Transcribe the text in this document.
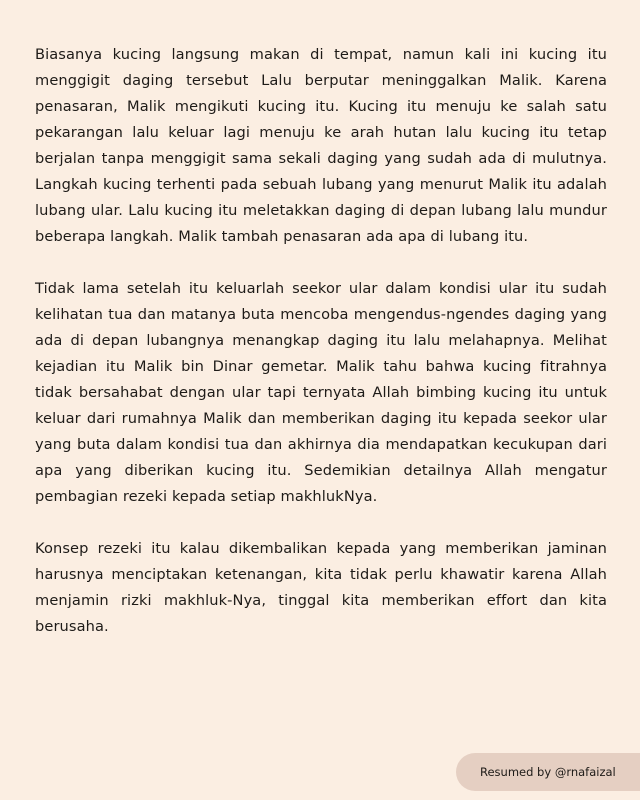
Biasanya kucing langsung makan di tempat, namun kali ini kucing itu menggigit daging tersebut Lalu berputar meninggalkan Malik. Karena penasaran, Malik mengikuti kucing itu. Kucing itu menuju ke salah satu pekarangan lalu keluar lagi menuju ke arah hutan lalu kucing itu tetap berjalan tanpa menggigit sama sekali daging yang sudah ada di mulutnya. Langkah kucing terhenti pada sebuah lubang yang menurut Malik itu adalah lubang ular. Lalu kucing itu meletakkan daging di depan lubang lalu mundur beberapa langkah. Malik tambah penasaran ada apa di lubang itu.

Tidak lama setelah itu keluarlah seekor ular dalam kondisi ular itu sudah kelihatan tua dan matanya buta mencoba mengendus-ngendes daging yang ada di depan lubangnya menangkap daging itu lalu melahapnya. Melihat kejadian itu Malik bin Dinar gemetar. Malik tahu bahwa kucing fitrahnya tidak bersahabat dengan ular tapi ternyata Allah bimbing kucing itu untuk keluar dari rumahnya Malik dan memberikan daging itu kepada seekor ular yang buta dalam kondisi tua dan akhirnya dia mendapatkan kecukupan dari apa yang diberikan kucing itu. Sedemikian detailnya Allah mengatur pembagian rezeki kepada setiap makhlukNya.

Konsep rezeki itu kalau dikembalikan kepada yang memberikan jaminan harusnya menciptakan ketenangan, kita tidak perlu khawatir karena Allah menjamin rizki makhluk-Nya, tinggal kita memberikan effort dan kita berusaha.

Resumed by @rnafaizal
